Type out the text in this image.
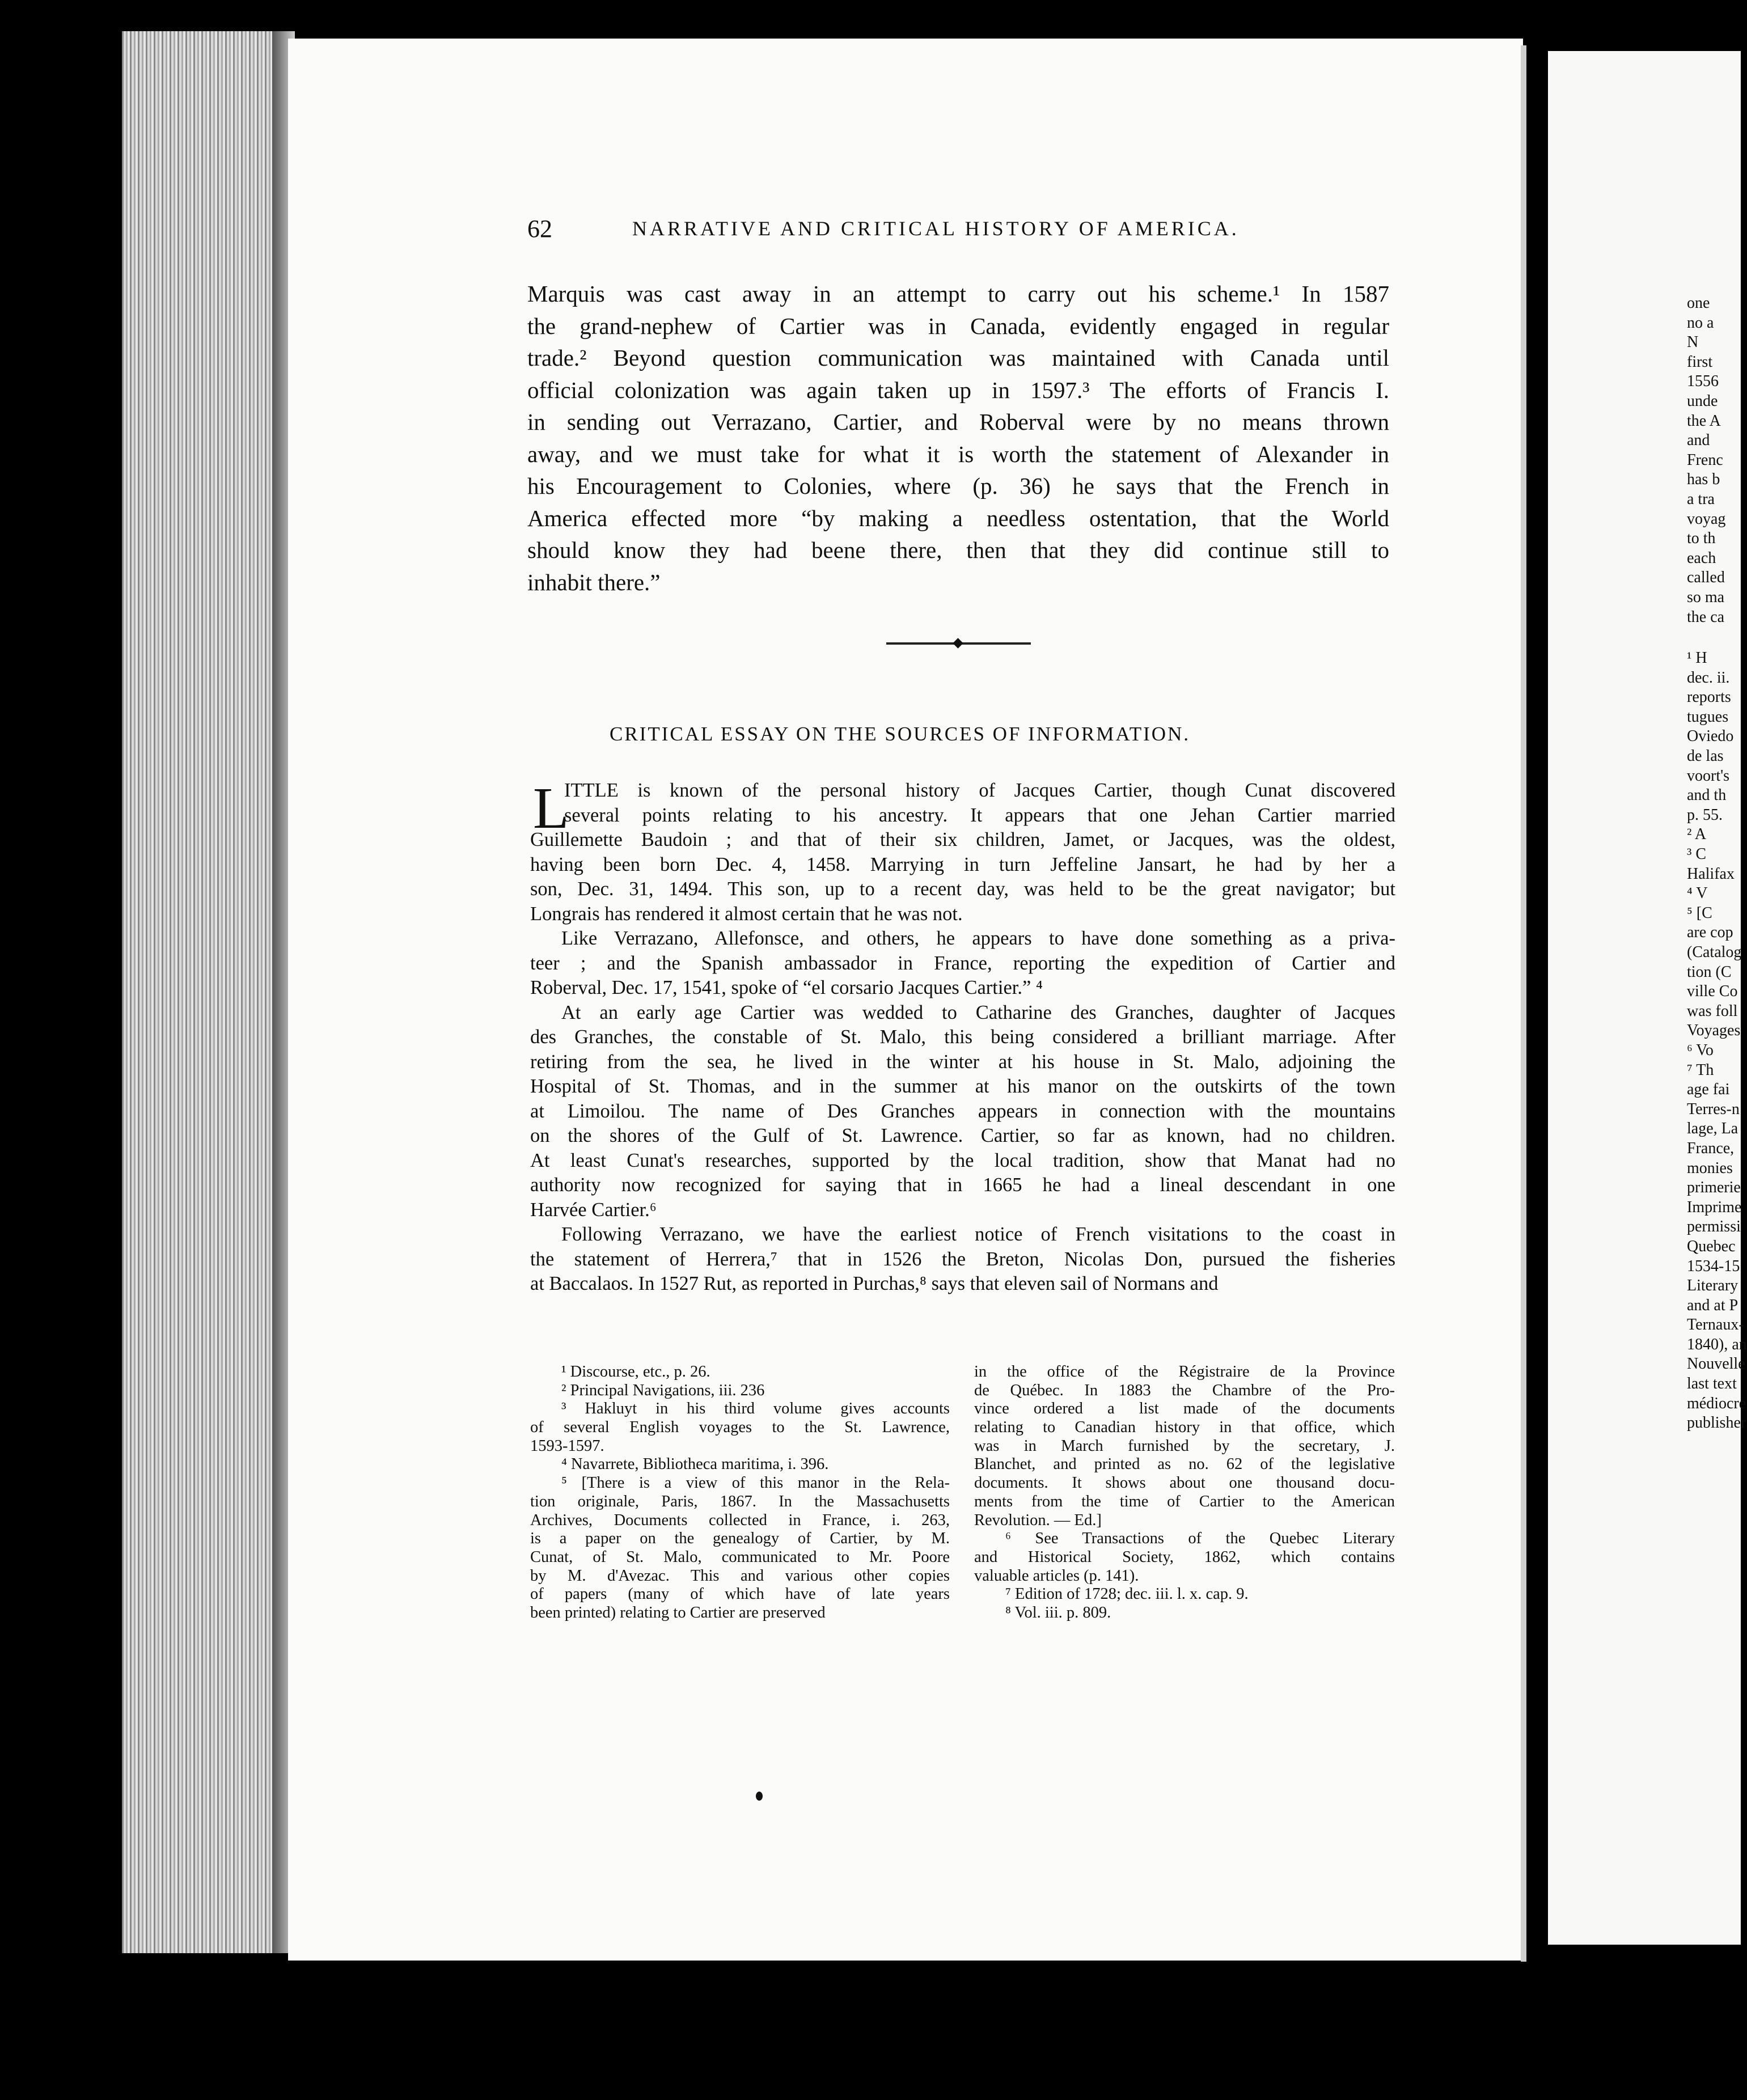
62	NARRATIVE AND CRITICAL HISTORY OF AMERICA.
Marquis was cast away in an attempt to carry out his scheme.¹ In 1587
the grand-nephew of Cartier was in Canada, evidently engaged in regular
trade.² Beyond question communication was maintained with Canada until
official colonization was again taken up in 1597.³ The efforts of Francis I.
in sending out Verrazano, Cartier, and Roberval were by no means thrown
away, and we must take for what it is worth the statement of Alexander in
his Encouragement to Colonies, where (p. 36) he says that the French in
America effected more “by making a needless ostentation, that the World
should know they had beene there, then that they did continue still to
inhabit there.”
CRITICAL ESSAY ON THE SOURCES OF INFORMATION.
L
ITTLE is known of the personal history of Jacques Cartier, though Cunat discovered
several points relating to his ancestry. It appears that one Jehan Cartier married
Guillemette Baudoin ; and that of their six children, Jamet, or Jacques, was the oldest,
having been born Dec. 4, 1458. Marrying in turn Jeffeline Jansart, he had by her a
son, Dec. 31, 1494. This son, up to a recent day, was held to be the great navigator; but
Longrais has rendered it almost certain that he was not.
Like Verrazano, Allefonsce, and others, he appears to have done something as a priva-
teer ; and the Spanish ambassador in France, reporting the expedition of Cartier and
Roberval, Dec. 17, 1541, spoke of “el corsario Jacques Cartier.” ⁴
At an early age Cartier was wedded to Catharine des Granches, daughter of Jacques
des Granches, the constable of St. Malo, this being considered a brilliant marriage. After
retiring from the sea, he lived in the winter at his house in St. Malo, adjoining the
Hospital of St. Thomas, and in the summer at his manor on the outskirts of the town
at Limoilou. The name of Des Granches appears in connection with the mountains
on the shores of the Gulf of St. Lawrence. Cartier, so far as known, had no children.
At least Cunat's researches, supported by the local tradition, show that Manat had no
authority now recognized for saying that in 1665 he had a lineal descendant in one
Harvée Cartier.⁶
Following Verrazano, we have the earliest notice of French visitations to the coast in
the statement of Herrera,⁷ that in 1526 the Breton, Nicolas Don, pursued the fisheries
at Baccalaos. In 1527 Rut, as reported in Purchas,⁸ says that eleven sail of Normans and
¹ Discourse, etc., p. 26.
² Principal Navigations, iii. 236
³ Hakluyt in his third volume gives accounts
of several English voyages to the St. Lawrence,
1593-1597.
⁴ Navarrete, Bibliotheca maritima, i. 396.
⁵ [There is a view of this manor in the Rela-
tion originale, Paris, 1867. In the Massachusetts
Archives, Documents collected in France, i. 263,
is a paper on the genealogy of Cartier, by M.
Cunat, of St. Malo, communicated to Mr. Poore
by M. d'Avezac. This and various other copies
of papers (many of which have of late years
been printed) relating to Cartier are preserved
in the office of the Régistraire de la Province
de Québec. In 1883 the Chambre of the Pro-
vince ordered a list made of the documents
relating to Canadian history in that office, which
was in March furnished by the secretary, J.
Blanchet, and printed as no. 62 of the legislative
documents. It shows about one thousand docu-
ments from the time of Cartier to the American
Revolution. — Ed.]
⁶ See Transactions of the Quebec Literary
and Historical Society, 1862, which contains
valuable articles (p. 141).
⁷ Edition of 1728; dec. iii. l. x. cap. 9.
⁸ Vol. iii. p. 809.
one
no a
N
first
1556
unde
the A
and
Frenc
has b
a tra
voyag
to th
each
called
so ma
the ca
¹ H
dec. ii.
reports
tugues
Oviedo
de las
voort's
and th
p. 55.
² A
³ C
Halifax
⁴ V
⁵ [C
are cop
(Catalog
tion (C
ville Co
was foll
Voyages
⁶ Vo
⁷ Th
age fai
Terres-n
lage, La
France,
monies
primerie
Imprime
permissi
Quebec
1534-15
Literary
and at P
Ternaux-
1840), an
Nouvelle
last text
médiocre
publisher
